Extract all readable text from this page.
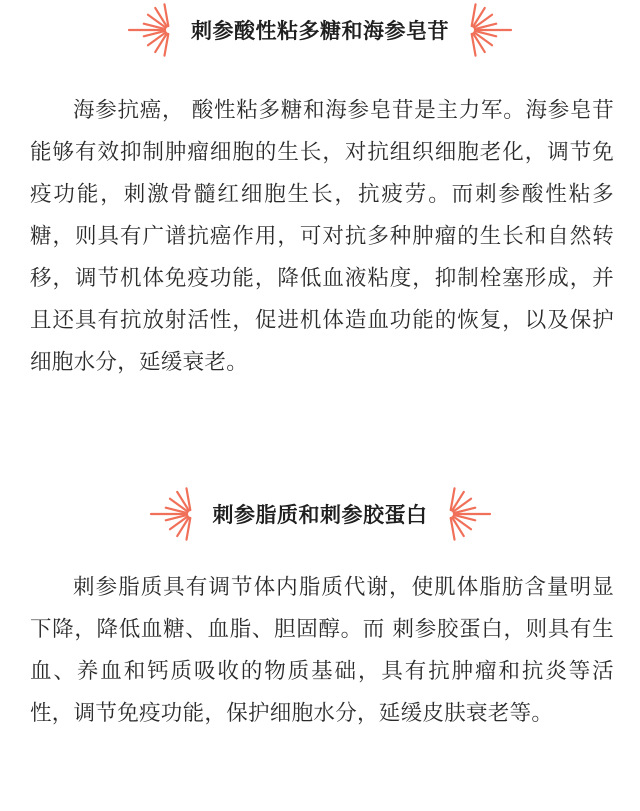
刺参酸性粘多糖和海参皂苷

海参抗癌， 酸性粘多糖和海参皂苷是主力军。海参皂苷能够有效抑制肿瘤细胞的生长，对抗组织细胞老化，调节免疫功能，刺激骨髓红细胞生长，抗疲劳。而刺参酸性粘多糖，则具有广谱抗癌作用，可对抗多种肿瘤的生长和自然转移，调节机体免疫功能，降低血液粘度，抑制栓塞形成，并且还具有抗放射活性，促进机体造血功能的恢复，以及保护细胞水分，延缓衰老。

刺参脂质和刺参胶蛋白

刺参脂质具有调节体内脂质代谢，使肌体脂肪含量明显下降，降低血糖、血脂、胆固醇。而 刺参胶蛋白，则具有生血、养血和钙质吸收的物质基础，具有抗肿瘤和抗炎等活性，调节免疫功能，保护细胞水分，延缓皮肤衰老等。
